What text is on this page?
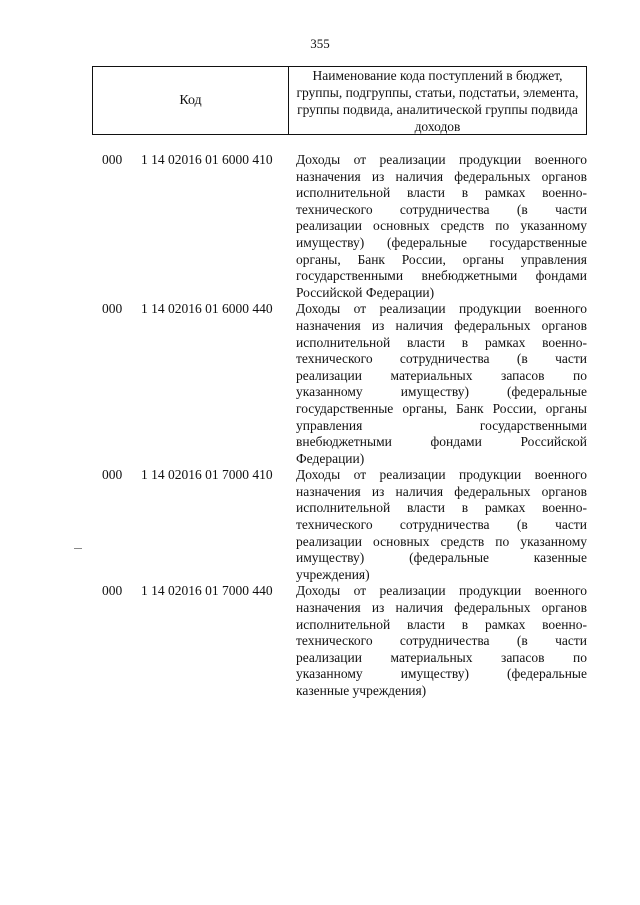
355
Код
Наименование кода поступлений в бюджет, группы, подгруппы, статьи, подстатьи, элемента, группы подвида, аналитической группы подвида доходов
000 1 14 02016 01 6000 410 Доходы от реализации продукции военного
назначения из наличия федеральных органов
исполнительной власти в рамках военно-
технического сотрудничества (в части
реализации основных средств по указанному
имуществу) (федеральные государственные
органы, Банк России, органы управления
государственными внебюджетными фондами
Российской Федерации)
000 1 14 02016 01 6000 440 Доходы от реализации продукции военного
назначения из наличия федеральных органов
исполнительной власти в рамках военно-
технического сотрудничества (в части
реализации материальных запасов по
указанному имуществу) (федеральные
государственные органы, Банк России, органы
управления государственными
внебюджетными фондами Российской
Федерации)
000 1 14 02016 01 7000 410 Доходы от реализации продукции военного
назначения из наличия федеральных органов
исполнительной власти в рамках военно-
технического сотрудничества (в части
реализации основных средств по указанному
имуществу) (федеральные казенные
учреждения)
000 1 14 02016 01 7000 440 Доходы от реализации продукции военного
назначения из наличия федеральных органов
исполнительной власти в рамках военно-
технического сотрудничества (в части
реализации материальных запасов по
указанному имуществу) (федеральные
казенные учреждения)
